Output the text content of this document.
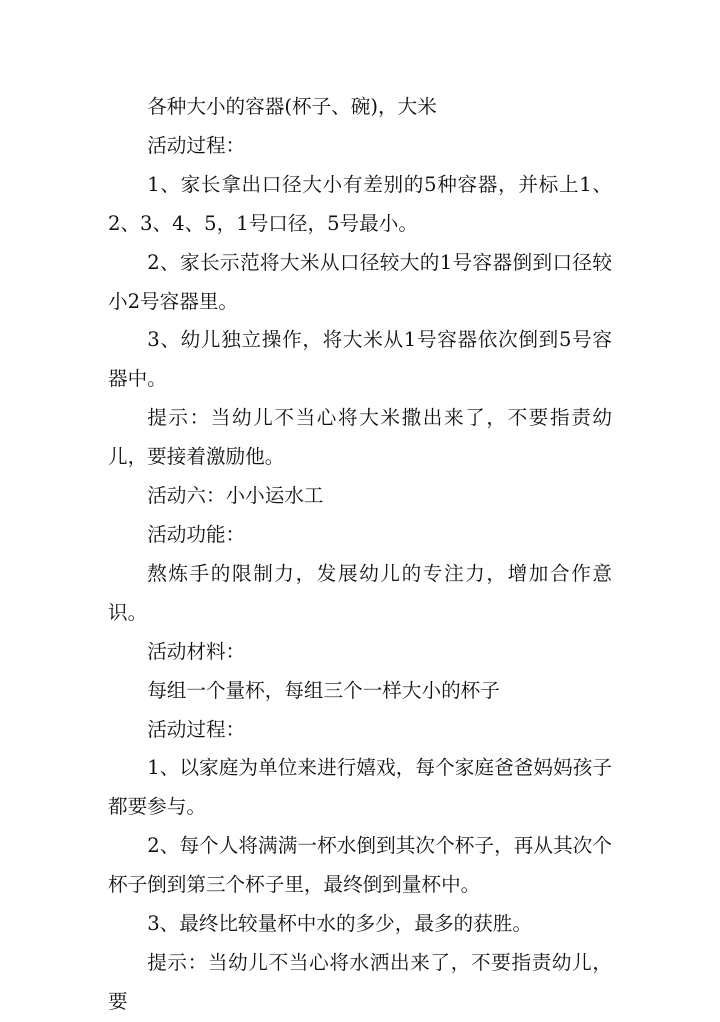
各种大小的容器(杯子、碗)，大米

活动过程：

1、家长拿出口径大小有差别的5种容器，并标上1、2、3、4、5，1号口径，5号最小。

2、家长示范将大米从口径较大的1号容器倒到口径较小2号容器里。

3、幼儿独立操作，将大米从1号容器依次倒到5号容器中。

提示：当幼儿不当心将大米撒出来了，不要指责幼儿，要接着激励他。

活动六：小小运水工

活动功能：

熬炼手的限制力，发展幼儿的专注力，增加合作意识。

活动材料：

每组一个量杯，每组三个一样大小的杯子

活动过程：

1、以家庭为单位来进行嬉戏，每个家庭爸爸妈妈孩子都要参与。

2、每个人将满满一杯水倒到其次个杯子，再从其次个杯子倒到第三个杯子里，最终倒到量杯中。

3、最终比较量杯中水的多少，最多的获胜。

提示：当幼儿不当心将水洒出来了，不要指责幼儿，要
